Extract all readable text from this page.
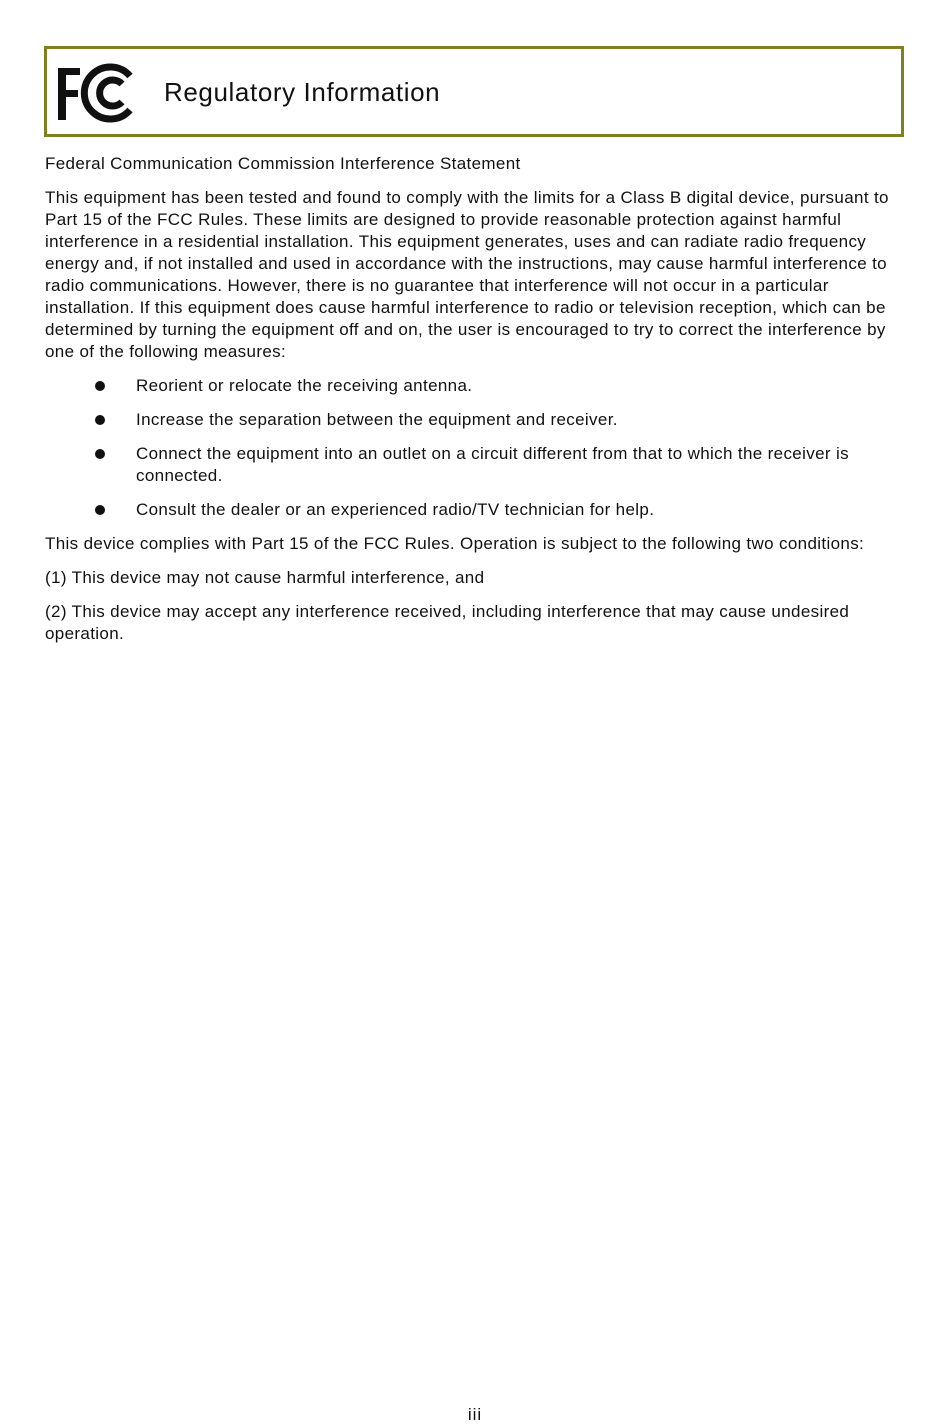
Regulatory Information

Federal Communication Commission Interference Statement

This equipment has been tested and found to comply with the limits for a Class B digital device, pursuant to Part 15 of the FCC Rules. These limits are designed to provide reasonable protection against harmful interference in a residential installation. This equipment generates, uses and can radiate radio frequency energy and, if not installed and used in accordance with the instructions, may cause harmful interference to radio communications. However, there is no guarantee that interference will not occur in a particular installation. If this equipment does cause harmful interference to radio or television reception, which can be determined by turning the equipment off and on, the user is encouraged to try to correct the interference by one of the following measures:

Reorient or relocate the receiving antenna.
Increase the separation between the equipment and receiver.
Connect the equipment into an outlet on a circuit different from that to which the receiver is connected.
Consult the dealer or an experienced radio/TV technician for help.

This device complies with Part 15 of the FCC Rules. Operation is subject to the following two conditions:

(1) This device may not cause harmful interference, and

(2) This device may accept any interference received, including interference that may cause undesired operation.

iii
